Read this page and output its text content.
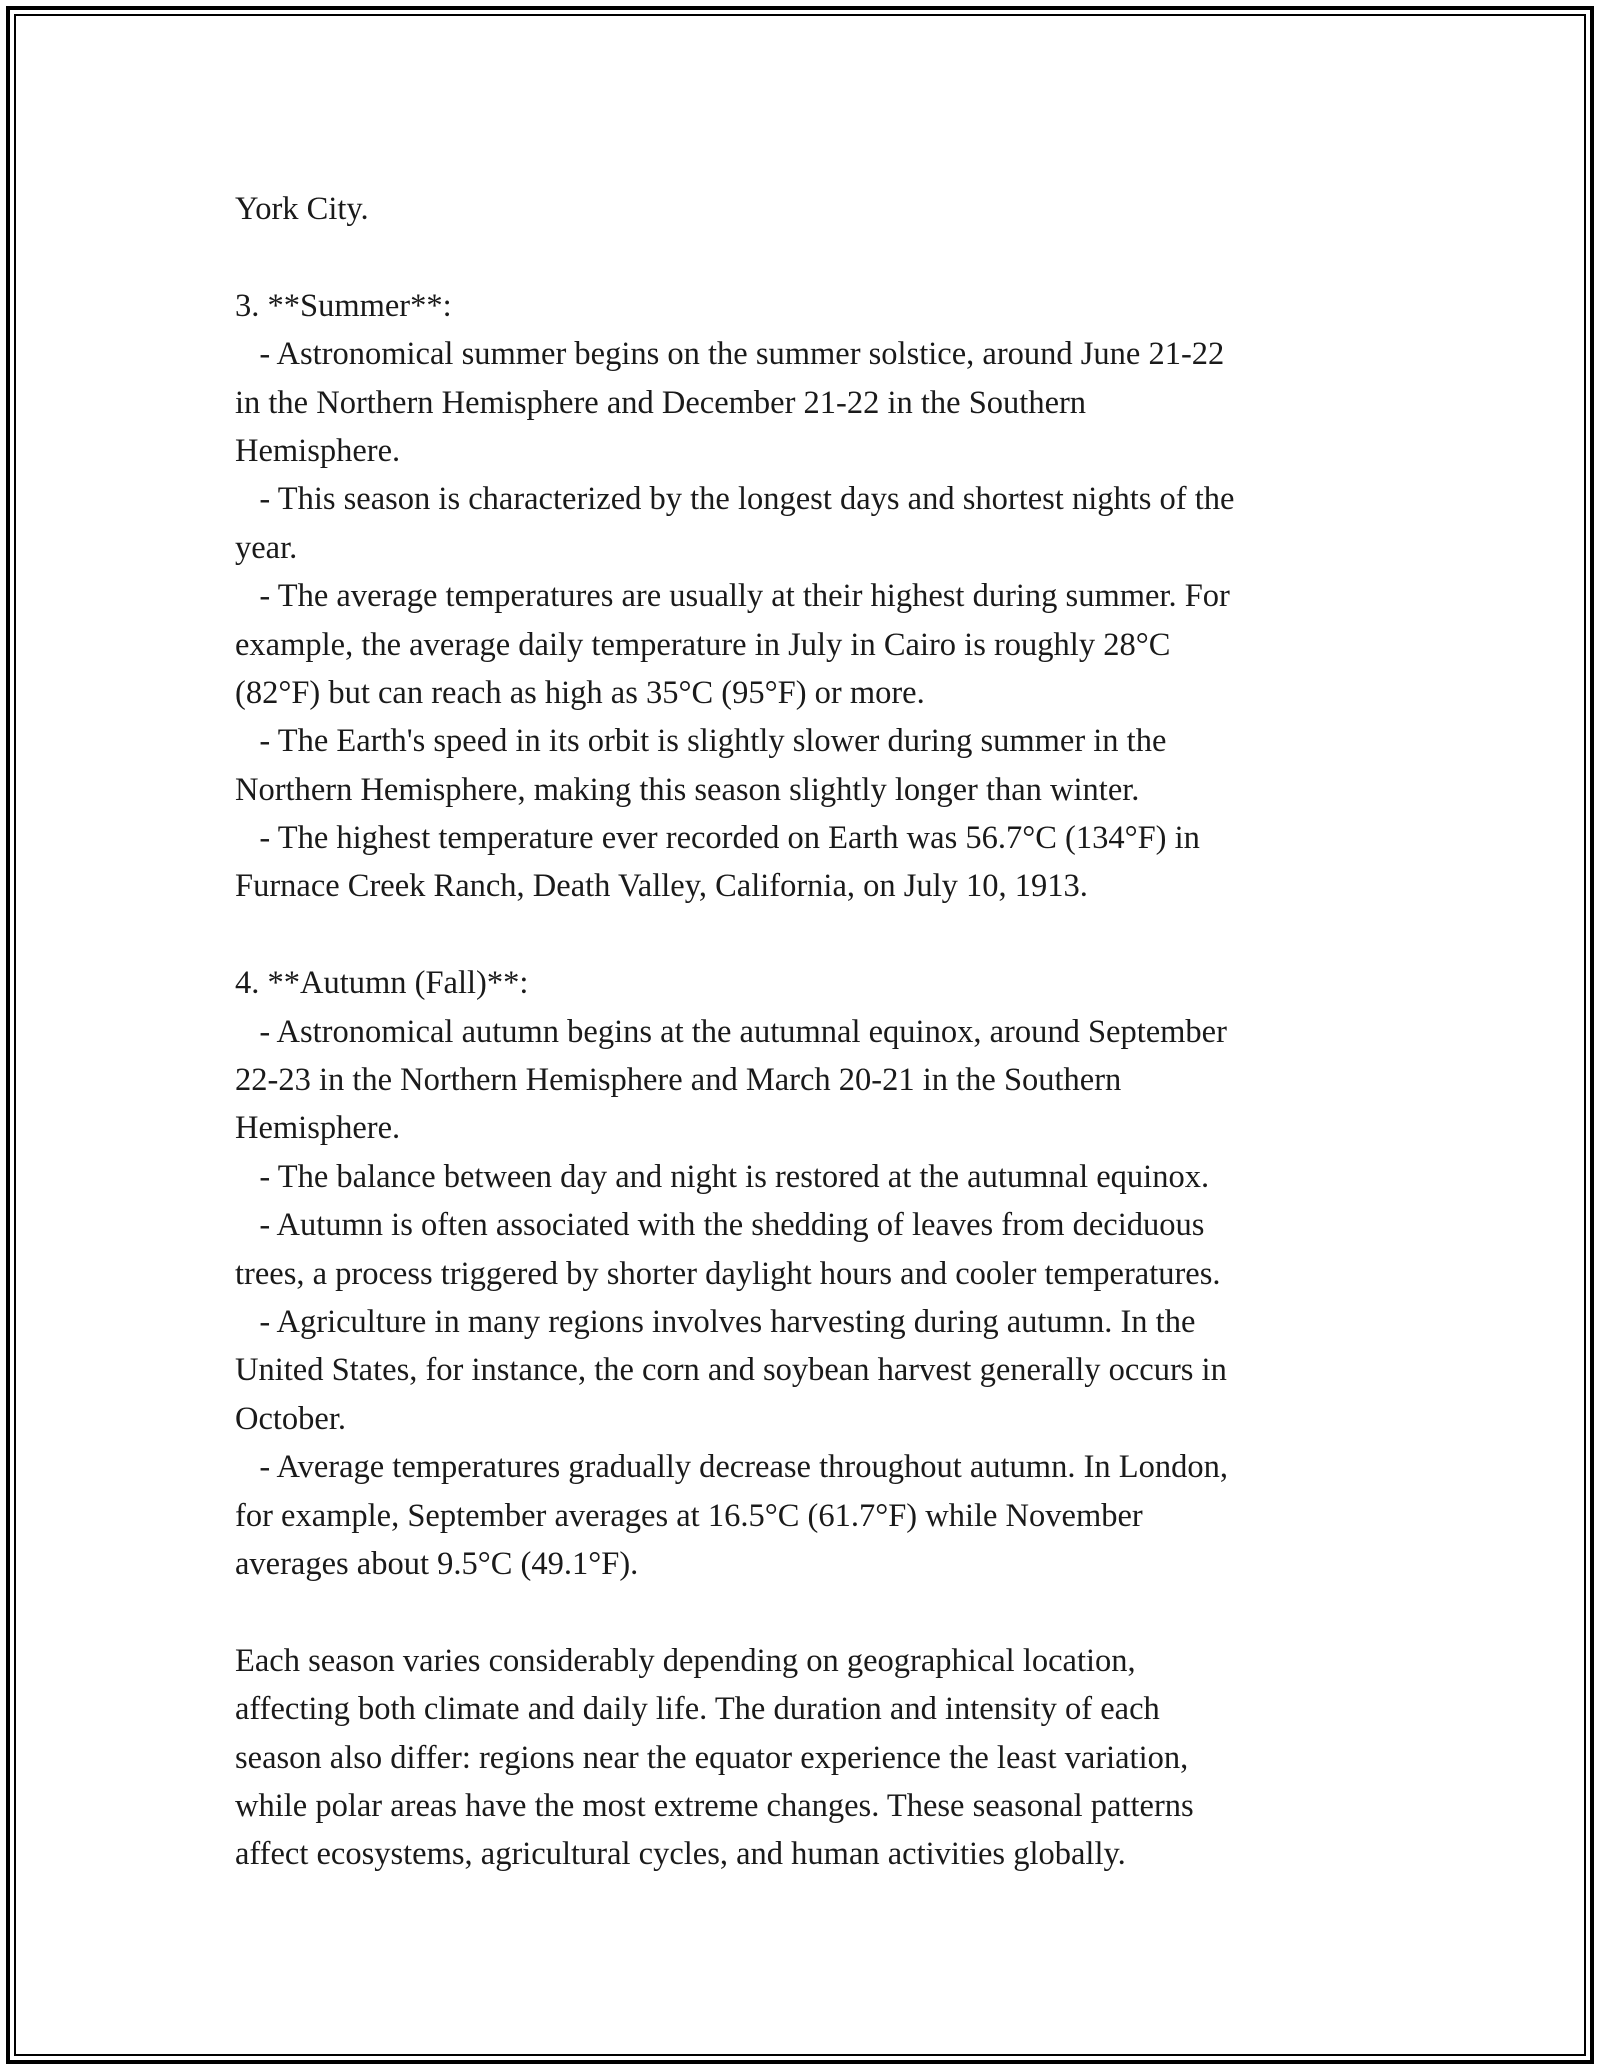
York City.
3. **Summer**:
- Astronomical summer begins on the summer solstice, around June 21-22
in the Northern Hemisphere and December 21-22 in the Southern
Hemisphere.
- This season is characterized by the longest days and shortest nights of the
year.
- The average temperatures are usually at their highest during summer. For
example, the average daily temperature in July in Cairo is roughly 28°C
(82°F) but can reach as high as 35°C (95°F) or more.
- The Earth's speed in its orbit is slightly slower during summer in the
Northern Hemisphere, making this season slightly longer than winter.
- The highest temperature ever recorded on Earth was 56.7°C (134°F) in
Furnace Creek Ranch, Death Valley, California, on July 10, 1913.
4. **Autumn (Fall)**:
- Astronomical autumn begins at the autumnal equinox, around September
22-23 in the Northern Hemisphere and March 20-21 in the Southern
Hemisphere.
- The balance between day and night is restored at the autumnal equinox.
- Autumn is often associated with the shedding of leaves from deciduous
trees, a process triggered by shorter daylight hours and cooler temperatures.
- Agriculture in many regions involves harvesting during autumn. In the
United States, for instance, the corn and soybean harvest generally occurs in
October.
- Average temperatures gradually decrease throughout autumn. In London,
for example, September averages at 16.5°C (61.7°F) while November
averages about 9.5°C (49.1°F).
Each season varies considerably depending on geographical location,
affecting both climate and daily life. The duration and intensity of each
season also differ: regions near the equator experience the least variation,
while polar areas have the most extreme changes. These seasonal patterns
affect ecosystems, agricultural cycles, and human activities globally.
